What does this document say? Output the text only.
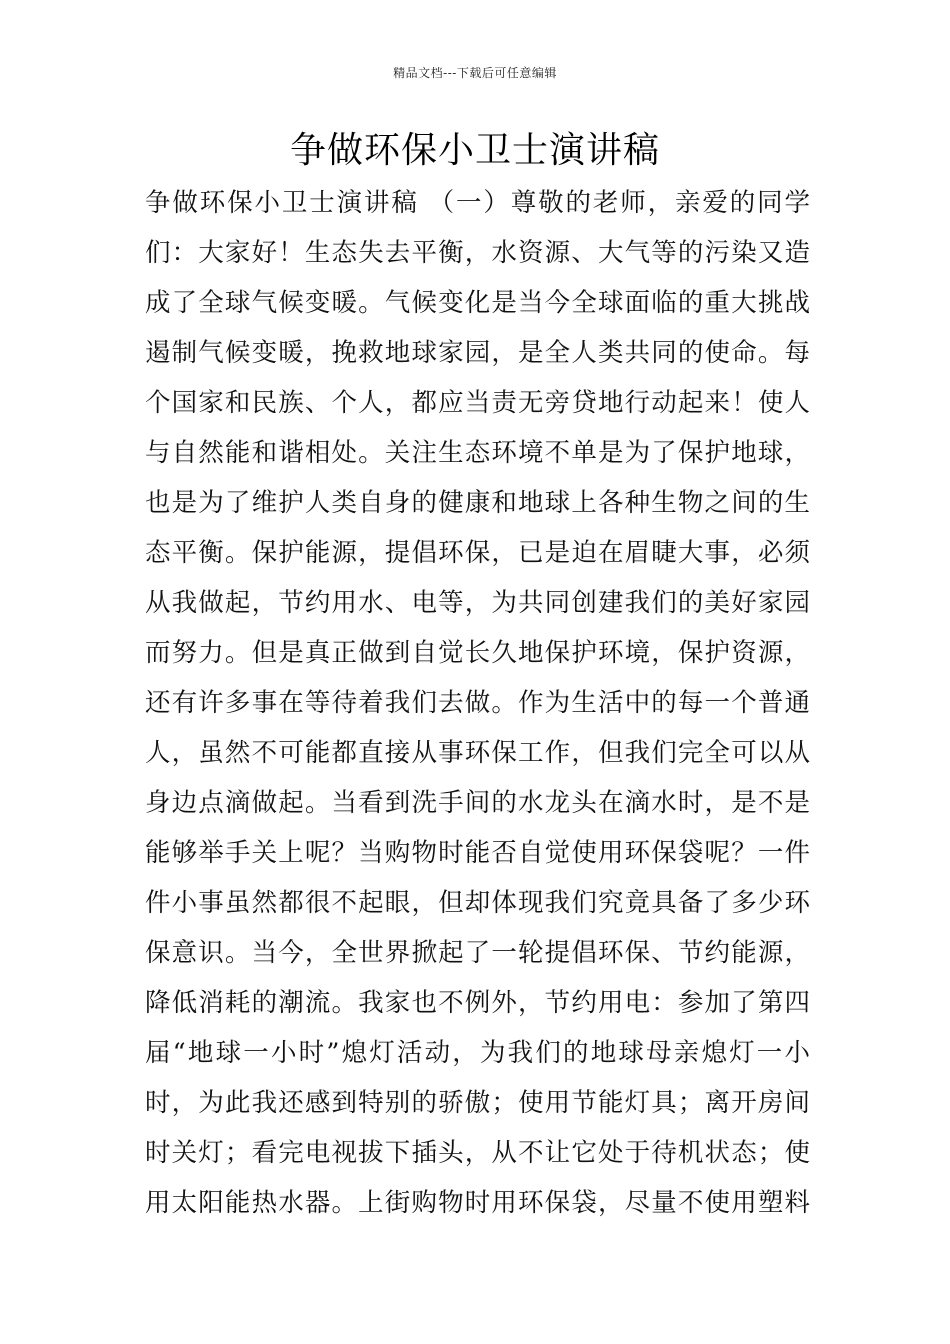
精品文档---下载后可任意编辑
争做环保小卫士演讲稿
争做环保小卫士演讲稿 （一）尊敬的老师，亲爱的同学
们：大家好！生态失去平衡，水资源、大气等的污染又造
成了全球气候变暖。气候变化是当今全球面临的重大挑战
遏制气候变暖，挽救地球家园，是全人类共同的使命。每
个国家和民族、个人，都应当责无旁贷地行动起来！使人
与自然能和谐相处。关注生态环境不单是为了保护地球，
也是为了维护人类自身的健康和地球上各种生物之间的生
态平衡。保护能源，提倡环保，已是迫在眉睫大事，必须
从我做起，节约用水、电等，为共同创建我们的美好家园
而努力。但是真正做到自觉长久地保护环境，保护资源，
还有许多事在等待着我们去做。作为生活中的每一个普通
人，虽然不可能都直接从事环保工作，但我们完全可以从
身边点滴做起。当看到洗手间的水龙头在滴水时，是不是
能够举手关上呢？当购物时能否自觉使用环保袋呢？一件
件小事虽然都很不起眼，但却体现我们究竟具备了多少环
保意识。当今，全世界掀起了一轮提倡环保、节约能源，
降低消耗的潮流。我家也不例外，节约用电：参加了第四
届“地球一小时”熄灯活动，为我们的地球母亲熄灯一小
时，为此我还感到特别的骄傲；使用节能灯具；离开房间
时关灯；看完电视拔下插头，从不让它处于待机状态；使
用太阳能热水器。上街购物时用环保袋，尽量不使用塑料
